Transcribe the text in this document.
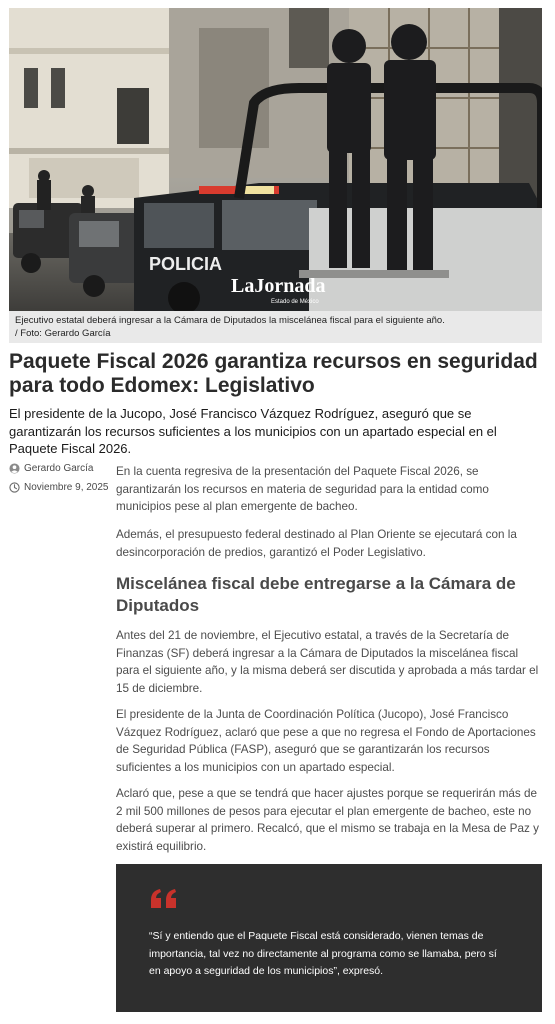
POLICIA
LaJornada
Estado de México
Ejecutivo estatal deberá ingresar a la Cámara de Diputados la miscelánea fiscal para el siguiente año.
/ Foto: Gerardo García
Paquete Fiscal 2026 garantiza recursos en seguridad para todo Edomex: Legislativo

El presidente de la Jucopo, José Francisco Vázquez Rodríguez, aseguró que se garantizarán los recursos suficientes a los municipios con un apartado especial en el Paquete Fiscal 2026.

Gerardo García
Noviembre 9, 2025

En la cuenta regresiva de la presentación del Paquete Fiscal 2026, se garantizarán los recursos en materia de seguridad para la entidad como municipios pese al plan emergente de bacheo.

Además, el presupuesto federal destinado al Plan Oriente se ejecutará con la desincorporación de predios, garantizó el Poder Legislativo.

Miscelánea fiscal debe entregarse a la Cámara de Diputados

Antes del 21 de noviembre, el Ejecutivo estatal, a través de la Secretaría de Finanzas (SF) deberá ingresar a la Cámara de Diputados la miscelánea fiscal para el siguiente año, y la misma deberá ser discutida y aprobada a más tardar el 15 de diciembre.

El presidente de la Junta de Coordinación Política (Jucopo), José Francisco Vázquez Rodríguez, aclaró que pese a que no regresa el Fondo de Aportaciones de Seguridad Pública (FASP), aseguró que se garantizarán los recursos suficientes a los municipios con un apartado especial.

Aclaró que, pese a que se tendrá que hacer ajustes porque se requerirán más de 2 mil 500 millones de pesos para ejecutar el plan emergente de bacheo, este no deberá superar al primero. Recalcó, que el mismo se trabaja en la Mesa de Paz y existirá equilibrio.

“Sí y entiendo que el Paquete Fiscal está considerado, vienen temas de importancia, tal vez no directamente al programa como se llamaba, pero sí en apoyo a seguridad de los municipios”, expresó.
